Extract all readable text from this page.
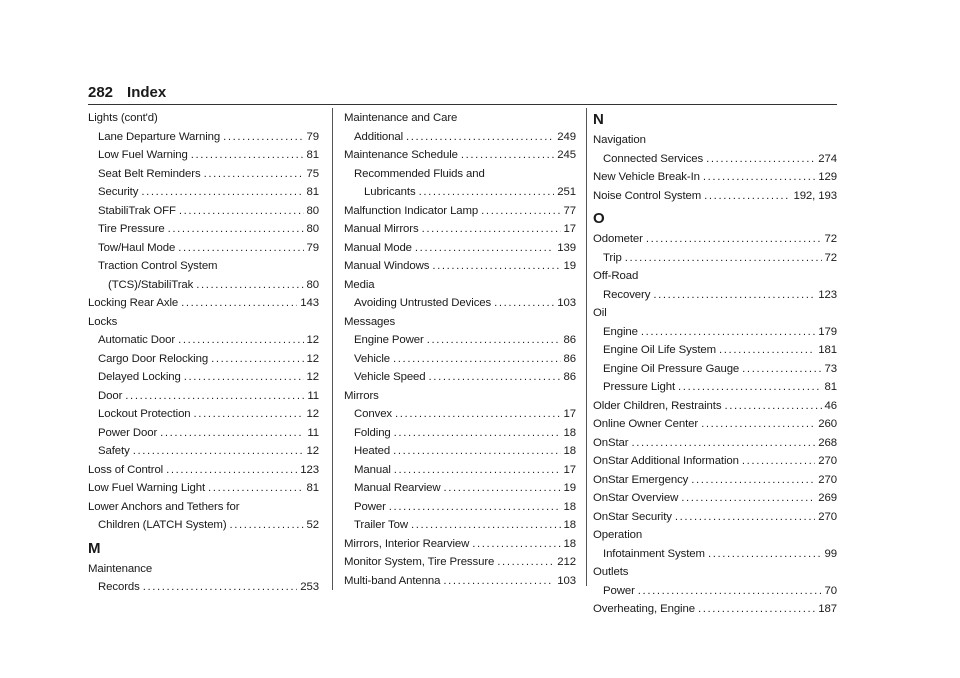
282 Index
Lights (cont'd)
Lane Departure Warning .....	79
Low Fuel Warning .....	81
Seat Belt Reminders .....	75
Security .....	81
StabiliTrak OFF .....	80
Tire Pressure .....	80
Tow/Haul Mode .....	79
Traction Control System
(TCS)/StabiliTrak .....	80
Locking Rear Axle .....	143
Locks
Automatic Door .....	12
Cargo Door Relocking .....	12
Delayed Locking .....	12
Door .....	11
Lockout Protection .....	12
Power Door .....	11
Safety .....	12
Loss of Control .....	123
Low Fuel Warning Light .....	81
Lower Anchors and Tethers for
Children (LATCH System) .....	52
M
Maintenance
Records .....	253
Maintenance and Care
Additional .....	249
Maintenance Schedule .....	245
Recommended Fluids and
Lubricants .....	251
Malfunction Indicator Lamp .....	77
Manual Mirrors .....	17
Manual Mode .....	139
Manual Windows .....	19
Media
Avoiding Untrusted Devices .....	103
Messages
Engine Power .....	86
Vehicle .....	86
Vehicle Speed .....	86
Mirrors
Convex .....	17
Folding .....	18
Heated .....	18
Manual .....	17
Manual Rearview .....	19
Power .....	18
Trailer Tow .....	18
Mirrors, Interior Rearview .....	18
Monitor System, Tire Pressure .....	212
Multi-band Antenna .....	103
N
Navigation
Connected Services .....	274
New Vehicle Break-In .....	129
Noise Control System .....	192, 193
O
Odometer .....	72
Trip .....	72
Off-Road
Recovery .....	123
Oil
Engine .....	179
Engine Oil Life System .....	181
Engine Oil Pressure Gauge .....	73
Pressure Light .....	81
Older Children, Restraints .....	46
Online Owner Center .....	260
OnStar .....	268
OnStar Additional Information .....	270
OnStar Emergency .....	270
OnStar Overview .....	269
OnStar Security .....	270
Operation
Infotainment System .....	99
Outlets
Power .....	70
Overheating, Engine .....	187
